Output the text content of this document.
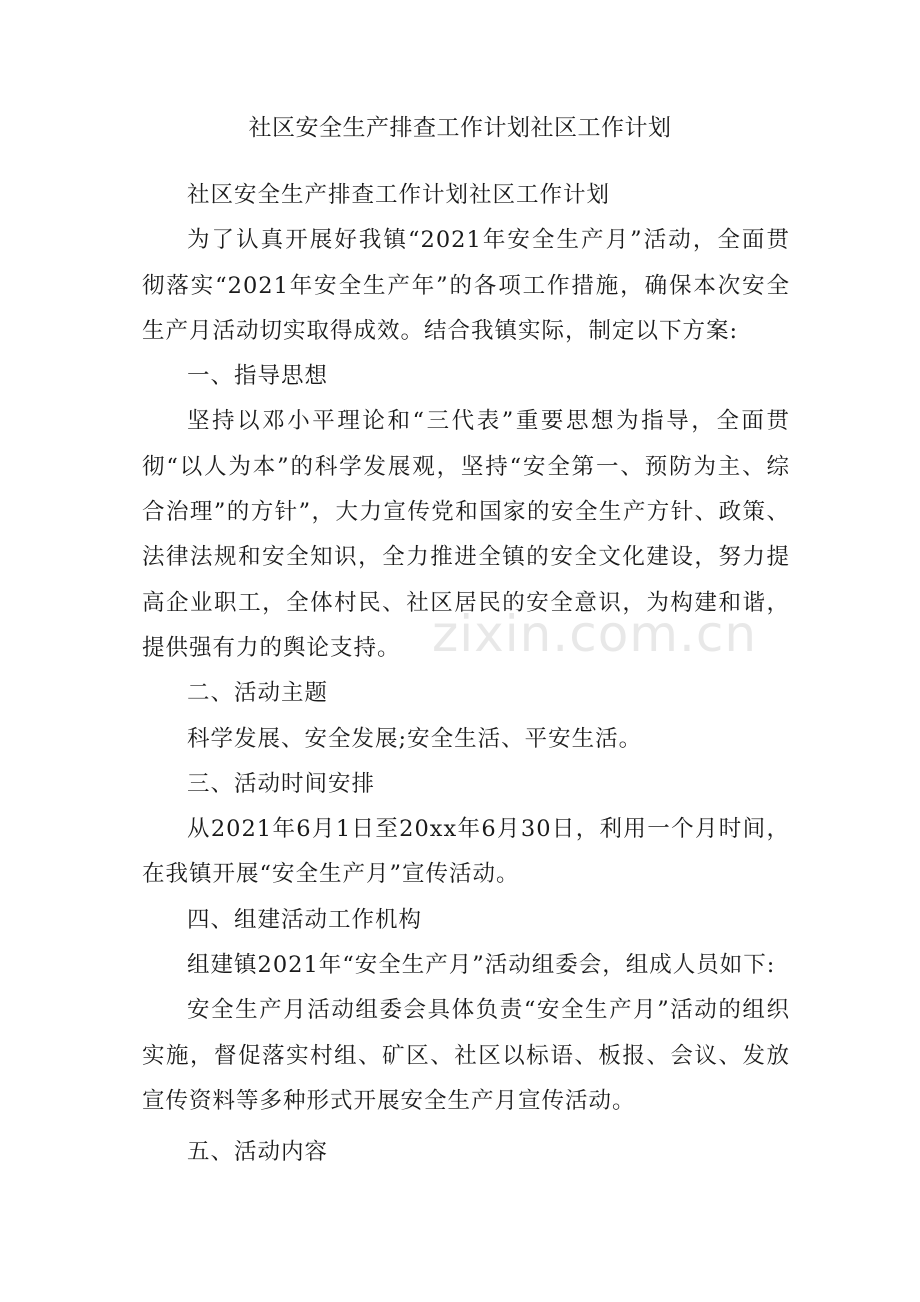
社区安全生产排查工作计划社区工作计划

社区安全生产排查工作计划社区工作计划

为了认真开展好我镇“2021年安全生产月”活动，全面贯彻落实“2021年安全生产年”的各项工作措施，确保本次安全生产月活动切实取得成效。结合我镇实际，制定以下方案:

一、指导思想

坚持以邓小平理论和“三代表”重要思想为指导，全面贯彻“以人为本”的科学发展观，坚持“安全第一、预防为主、综合治理”的方针”，大力宣传党和国家的安全生产方针、政策、法律法规和安全知识，全力推进全镇的安全文化建设，努力提高企业职工，全体村民、社区居民的安全意识，为构建和谐，提供强有力的舆论支持。

二、活动主题

科学发展、安全发展;安全生活、平安生活。

三、活动时间安排

从2021年6月1日至20xx年6月30日，利用一个月时间，在我镇开展“安全生产月”宣传活动。

四、组建活动工作机构

组建镇2021年“安全生产月”活动组委会，组成人员如下:

安全生产月活动组委会具体负责“安全生产月”活动的组织实施，督促落实村组、矿区、社区以标语、板报、会议、发放宣传资料等多种形式开展安全生产月宣传活动。

五、活动内容

zixin.com.cn
